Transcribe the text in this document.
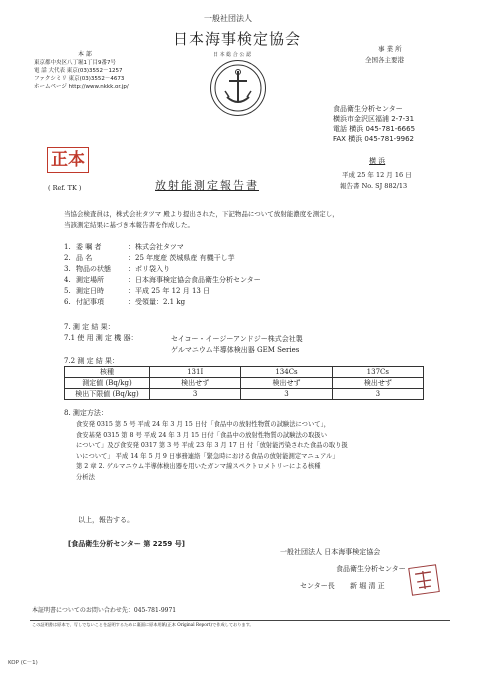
本 部
東京都中央区八丁堀1丁目9番7号
電 話 大代表 東京(03)3552－1257
ファクシミリ 東京(03)3552－4673
ホームページ http://www.nkkk.or.jp/
一般社団法人
日本海事検定協会
日 本 総 合 公 認
事 業 所
全国各主要港
食品衛生分析センター
横浜市金沢区福浦 2-7-31
電話 横浜 045-781-6665
FAX 横浜 045-781-9962
正本
( Ref. TK )	放射能測定報告書
横 浜
平成 25 年 12 月 16 日
報告書 No. SJ 882/13
当協会検査員は，株式会社タツマ 殿より提出された，下記物品について放射能濃度を測定し，
当該測定結果に基づき本報告書を作成した。
1. 委 嘱 者	： 株式会社タツマ
2. 品 名	： 25 年度産 茨城県産 有機干し芋
3. 物品の状態	： ポリ袋入り
4. 測定場所	： 日本海事検定協会食品衛生分析センター
5. 測定日時	： 平成 25 年 12 月 13 日
6. 付記事項	： 受領量：2.1 kg
7. 測 定 結 果：
7.1 使 用 測 定 機 器：	セイコー・イージーアンドジー株式会社製
ゲルマニウム半導体検出器 GEM Series
7.2 測 定 結 果：
核種	131I	134Cs	137Cs
測定値 (Bq/kg)	検出せず	検出せず	検出せず
検出下限値 (Bq/kg)	3	3	3
8. 測定方法：
食安発 0315 第 5 号 平成 24 年 3 月 15 日付「食品中の放射性物質の試験法について」，
食安基発 0315 第 8 号 平成 24 年 3 月 15 日付「食品中の放射性物質の試験法の取扱い
について」及び食安発 0317 第 3 号 平成 23 年 3 月 17 日 付「放射能汚染された食品の取り扱
いについて」 平成 14 年 5 月 9 日事務連絡「緊急時における食品の放射能測定マニュアル」
第 2 章 2. ゲルマニウム半導体検出器を用いたガンマ線スペクトロメトリーによる核種
分析法
以上，報告する。
[食品衛生分析センター 第 2259 号]
一般社団法人 日本海事検定協会
食品衛生分析センター
センター長 新 堀 清 正
本証明書についてのお問い合わせ先：045-781-9971
この証明書は原本で、写しでないことを証明するために裏面に原本用紙(正本 Original Report)で作成しております。
KOP (C－1)
